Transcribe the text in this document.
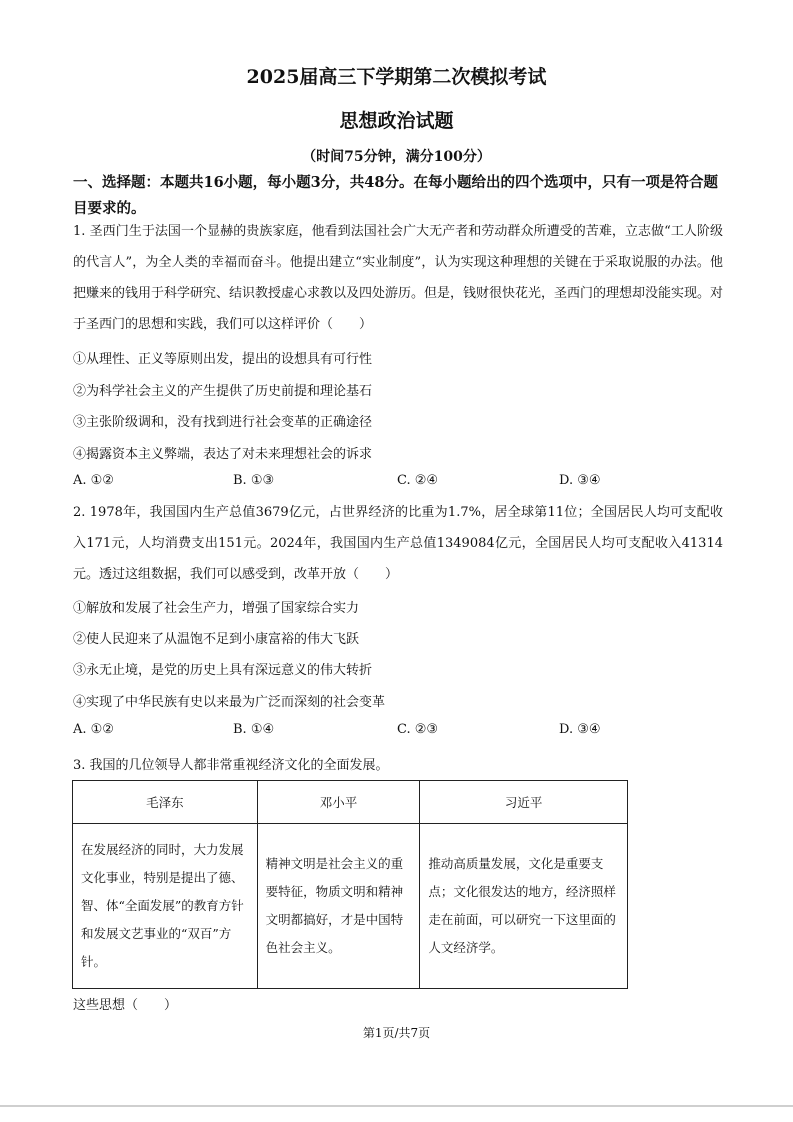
2025届高三下学期第二次模拟考试
思想政治试题
（时间75分钟，满分100分）
一、选择题：本题共16小题，每小题3分，共48分。在每小题给出的四个选项中，只有一项是符合题目要求的。

1. 圣西门生于法国一个显赫的贵族家庭，他看到法国社会广大无产者和劳动群众所遭受的苦难，立志做“工人阶级的代言人”，为全人类的幸福而奋斗。他提出建立“实业制度”，认为实现这种理想的关键在于采取说服的办法。他把赚来的钱用于科学研究、结识教授虚心求教以及四处游历。但是，钱财很快花光，圣西门的理想却没能实现。对于圣西门的思想和实践，我们可以这样评价（　　）

①从理性、正义等原则出发，提出的设想具有可行性
②为科学社会主义的产生提供了历史前提和理论基石
③主张阶级调和，没有找到进行社会变革的正确途径
④揭露资本主义弊端，表达了对未来理想社会的诉求
A. ①②	B. ①③	C. ②④	D. ③④

2. 1978年，我国国内生产总值3679亿元，占世界经济的比重为1.7%，居全球第11位；全国居民人均可支配收入171元，人均消费支出151元。2024年，我国国内生产总值1349084亿元，全国居民人均可支配收入41314元。透过这组数据，我们可以感受到，改革开放（　　）

①解放和发展了社会生产力，增强了国家综合实力
②使人民迎来了从温饱不足到小康富裕的伟大飞跃
③永无止境，是党的历史上具有深远意义的伟大转折
④实现了中华民族有史以来最为广泛而深刻的社会变革
A. ①②	B. ①④	C. ②③	D. ③④
3. 我国的几位领导人都非常重视经济文化的全面发展。
毛泽东	邓小平	习近平
在发展经济的同时，大力发展文化事业，特别是提出了德、智、体“全面发展”的教育方针和发展文艺事业的“双百”方针。	精神文明是社会主义的重要特征，物质文明和精神文明都搞好，才是中国特色社会主义。	推动高质量发展，文化是重要支点；文化很发达的地方，经济照样走在前面，可以研究一下这里面的人文经济学。
这些思想（　　）
第1页/共7页
